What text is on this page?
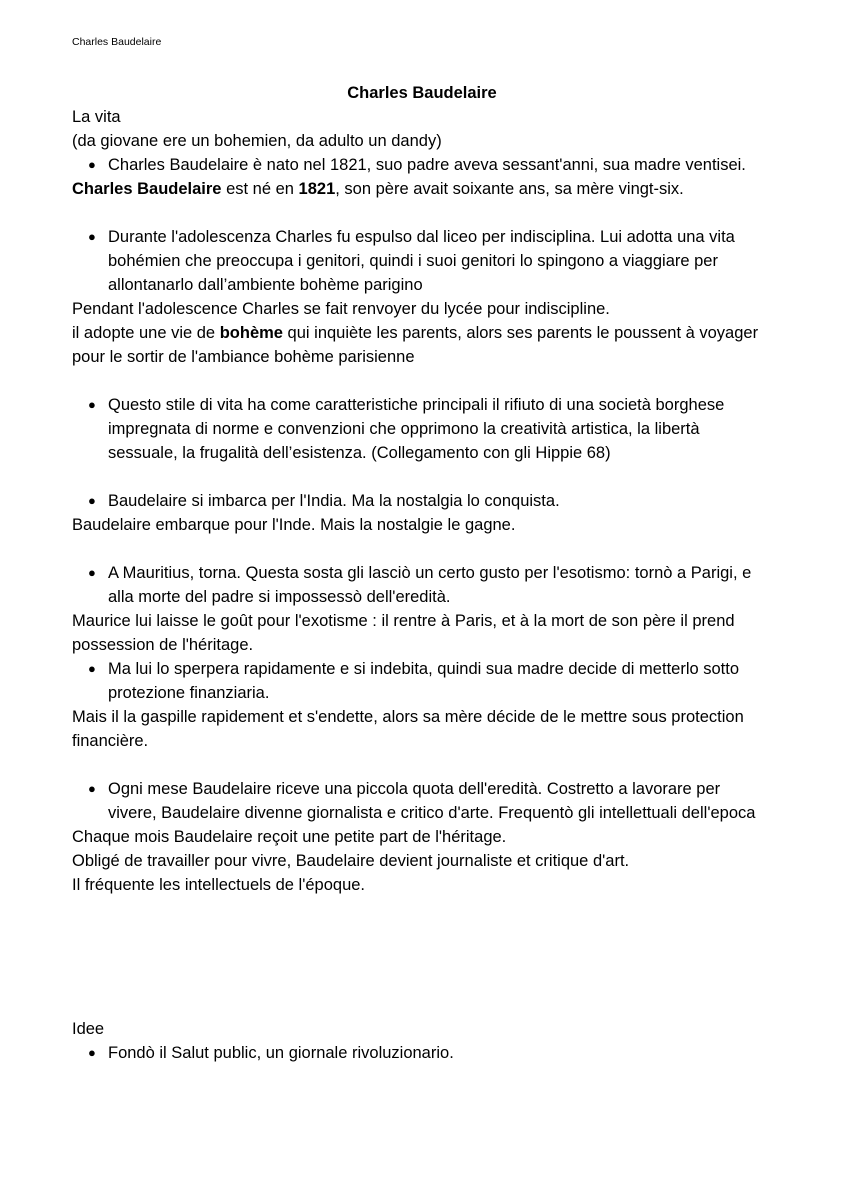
Charles Baudelaire

Charles Baudelaire

La vita

(da giovane ere un bohemien, da adulto un dandy)

● Charles Baudelaire è nato nel 1821, suo padre aveva sessant'anni, sua madre ventisei.

Charles Baudelaire est né en 1821, son père avait soixante ans, sa mère vingt-six.

● Durante l'adolescenza Charles fu espulso dal liceo per indisciplina. Lui adotta una vita bohémien che preoccupa i genitori, quindi i suoi genitori lo spingono a viaggiare per allontanarlo dall’ambiente bohème parigino

Pendant l'adolescence Charles se fait renvoyer du lycée pour indiscipline.

il adopte une vie de bohème qui inquiète les parents, alors ses parents le poussent à voyager pour le sortir de l'ambiance bohème parisienne

● Questo stile di vita ha come caratteristiche principali il rifiuto di una società borghese impregnata di norme e convenzioni che opprimono la creatività artistica, la libertà sessuale, la frugalità dell’esistenza. (Collegamento con gli Hippie 68)
● Baudelaire si imbarca per l'India. Ma la nostalgia lo conquista.

Baudelaire embarque pour l'Inde. Mais la nostalgie le gagne.

● A Mauritius, torna. Questa sosta gli lasciò un certo gusto per l'esotismo: tornò a Parigi, e alla morte del padre si impossessò dell'eredità.

Maurice lui laisse le goût pour l'exotisme : il rentre à Paris, et à la mort de son père il prend possession de l'héritage.

● Ma lui lo sperpera rapidamente e si indebita, quindi sua madre decide di metterlo sotto protezione finanziaria.

Mais il la gaspille rapidement et s'endette, alors sa mère décide de le mettre sous protection financière.

● Ogni mese Baudelaire riceve una piccola quota dell'eredità. Costretto a lavorare per vivere, Baudelaire divenne giornalista e critico d'arte. Frequentò gli intellettuali dell'epoca

Chaque mois Baudelaire reçoit une petite part de l'héritage.

Obligé de travailler pour vivre, Baudelaire devient journaliste et critique d'art.

Il fréquente les intellectuels de l'époque.

Idee

● Fondò il Salut public, un giornale rivoluzionario.
